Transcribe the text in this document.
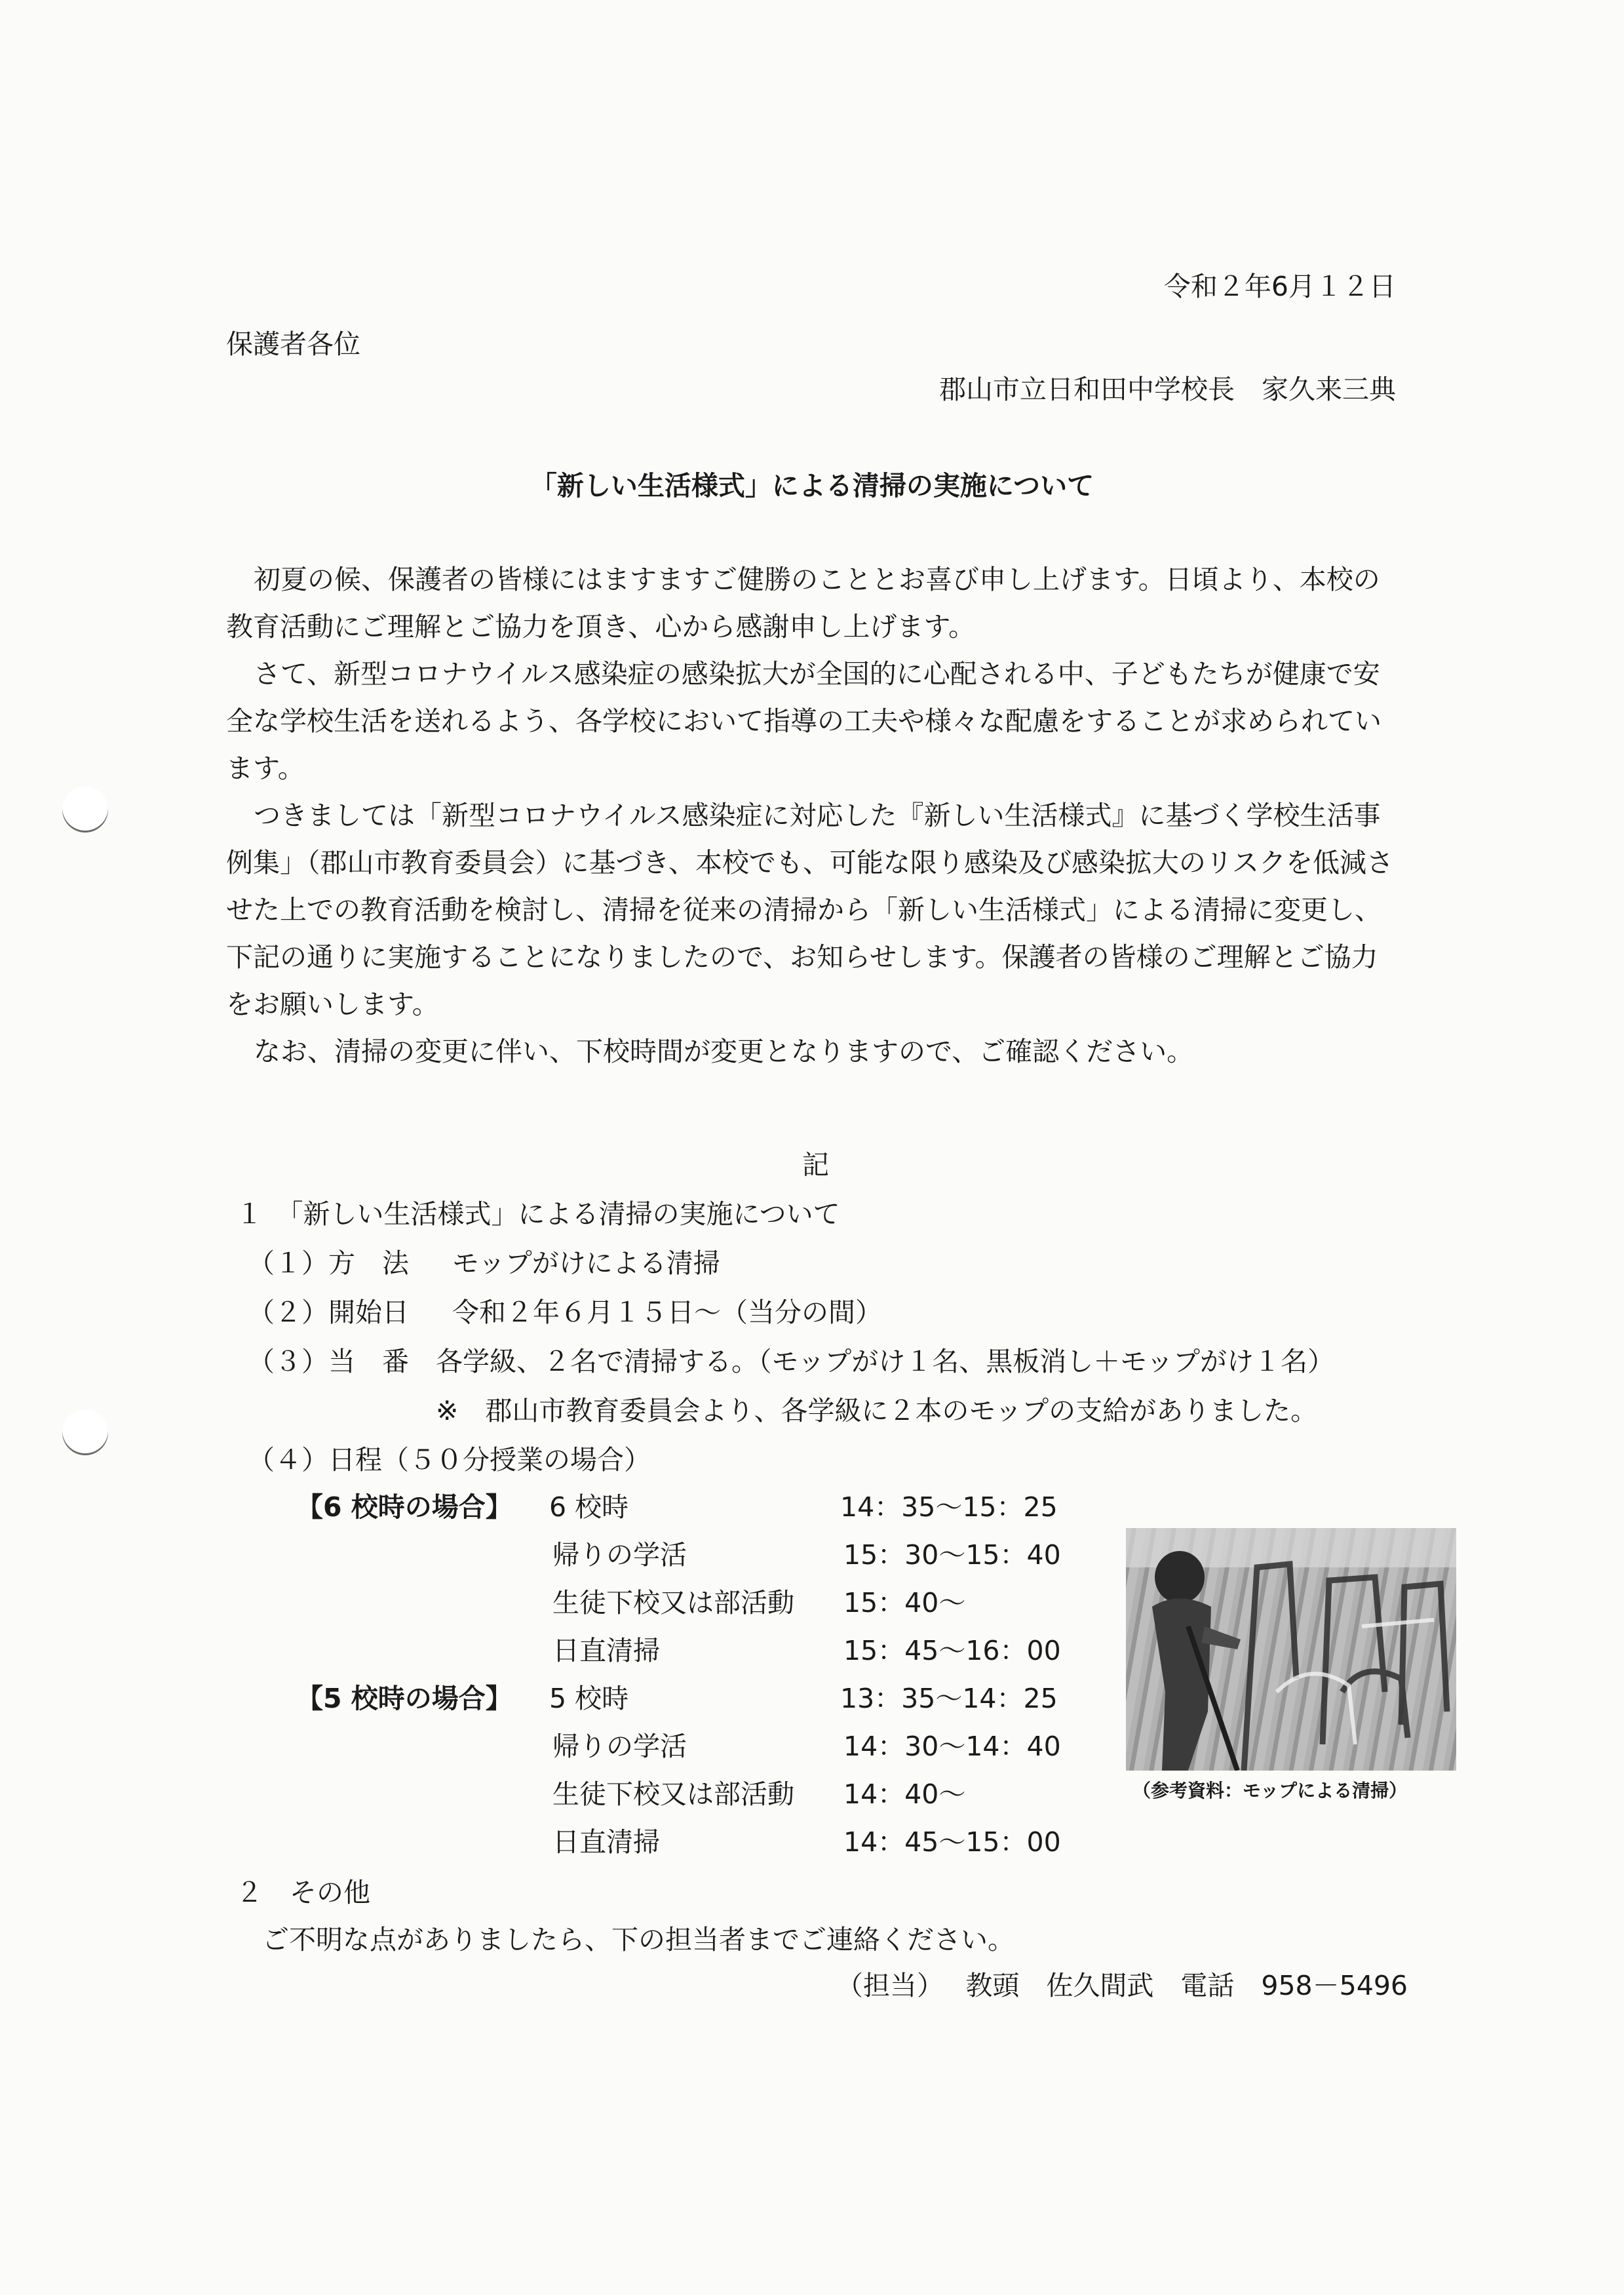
令和２年6月１２日
保護者各位
郡山市立日和田中学校長　家久来三典
「新しい生活様式」による清掃の実施について

初夏の候、保護者の皆様にはますますご健勝のこととお喜び申し上げます。日頃より、本校の教育活動にご理解とご協力を頂き、心から感謝申し上げます。

さて、新型コロナウイルス感染症の感染拡大が全国的に心配される中、子どもたちが健康で安全な学校生活を送れるよう、各学校において指導の工夫や様々な配慮をすることが求められています。

つきましては「新型コロナウイルス感染症に対応した『新しい生活様式』に基づく学校生活事例集」（郡山市教育委員会）に基づき、本校でも、可能な限り感染及び感染拡大のリスクを低減させた上での教育活動を検討し、清掃を従来の清掃から「新しい生活様式」による清掃に変更し、下記の通りに実施することになりましたので、お知らせします。保護者の皆様のご理解とご協力をお願いします。

なお、清掃の変更に伴い、下校時間が変更となりますので、ご確認ください。

記
１　「新しい生活様式」による清掃の実施について
（１）方　法 モップがけによる清掃
（２）開始日 令和２年６月１５日～（当分の間）
（３）当　番 各学級、２名で清掃する。（モップがけ１名、黒板消し＋モップがけ１名）
※　郡山市教育委員会より、各学級に２本のモップの支給がありました。
（４）日程（５０分授業の場合）
【6 校時の場合】 6 校時	14：35～15：25
帰りの学活	15：30～15：40
生徒下校又は部活動 15：40～
日直清掃	15：45～16：00
【5 校時の場合】 5 校時	13：35～14：25
帰りの学活	14：30～14：40
生徒下校又は部活動 14：40～
日直清掃	14：45～15：00
（参考資料：モップによる清掃）
２　その他
ご不明な点がありましたら、下の担当者までご連絡ください。
（担当）　 教頭　佐久間武　電話　958－5496
